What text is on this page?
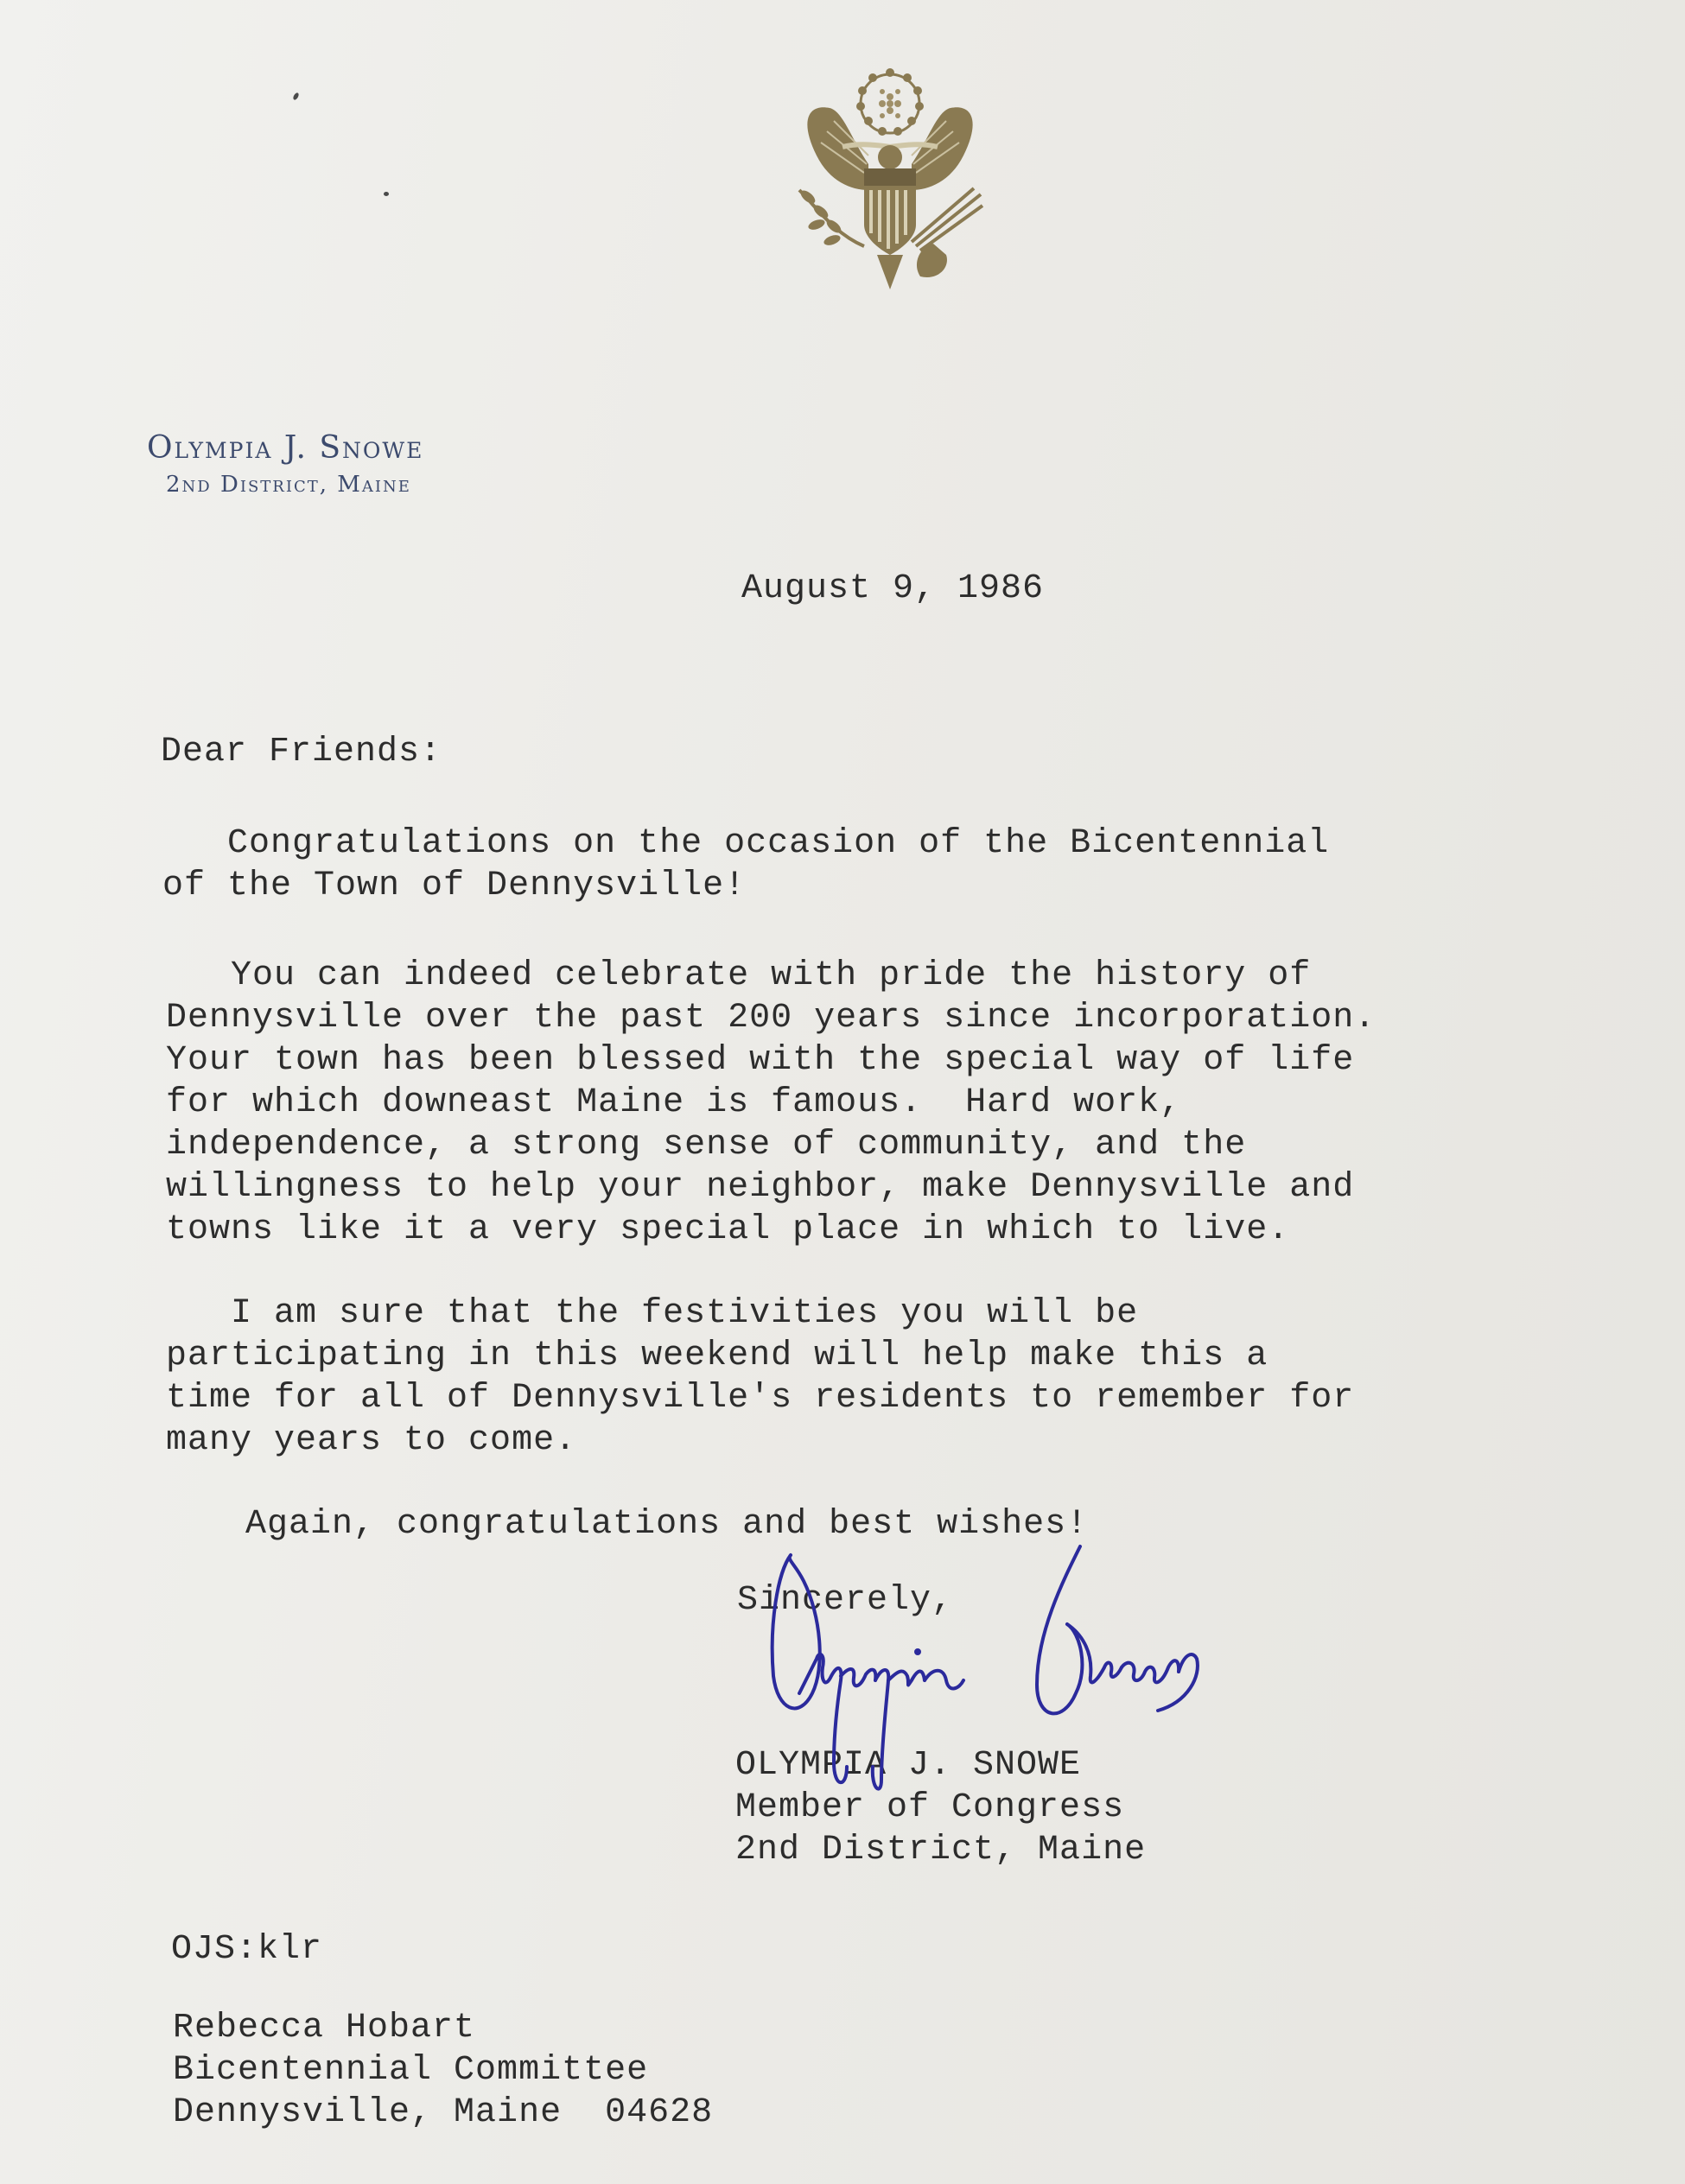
Olympia J. Snowe
2nd District, Maine
August 9, 1986
Dear Friends:
Congratulations on the occasion of the Bicentennial
of the Town of Dennysville!
You can indeed celebrate with pride the history of
Dennysville over the past 200 years since incorporation.
Your town has been blessed with the special way of life
for which downeast Maine is famous.  Hard work,
independence, a strong sense of community, and the
willingness to help your neighbor, make Dennysville and
towns like it a very special place in which to live.
I am sure that the festivities you will be
participating in this weekend will help make this a
time for all of Dennysville's residents to remember for
many years to come.
Again, congratulations and best wishes!
Sincerely,
OLYMPIA J. SNOWE
Member of Congress
2nd District, Maine
OJS:klr
Rebecca Hobart
Bicentennial Committee
Dennysville, Maine  04628
